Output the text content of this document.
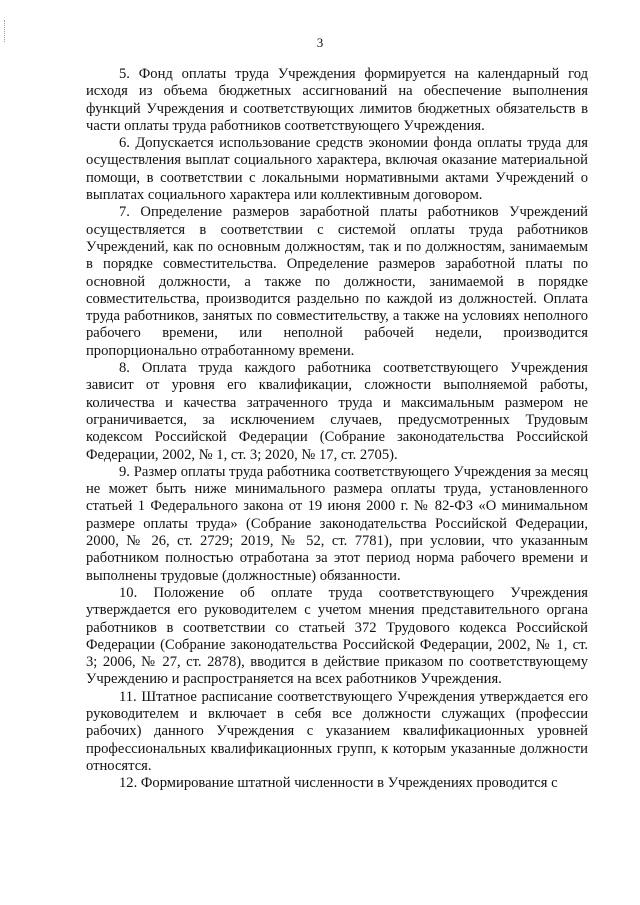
3

5. Фонд оплаты труда Учреждения формируется на календарный год исходя из объема бюджетных ассигнований на обеспечение выполнения функций Учреждения и соответствующих лимитов бюджетных обязательств в части оплаты труда работников соответствующего Учреждения.

6. Допускается использование средств экономии фонда оплаты труда для осуществления выплат социального характера, включая оказание материальной помощи, в соответствии с локальными нормативными актами Учреждений о выплатах социального характера или коллективным договором.

7. Определение размеров заработной платы работников Учреждений осуществляется в соответствии с системой оплаты труда работников Учреждений, как по основным должностям, так и по должностям, занимаемым в порядке совместительства. Определение размеров заработной платы по основной должности, а также по должности, занимаемой в порядке совместительства, производится раздельно по каждой из должностей. Оплата труда работников, занятых по совместительству, а также на условиях неполного рабочего времени, или неполной рабочей недели, производится пропорционально отработанному времени.

8. Оплата труда каждого работника соответствующего Учреждения зависит от уровня его квалификации, сложности выполняемой работы, количества и качества затраченного труда и максимальным размером не ограничивается, за исключением случаев, предусмотренных Трудовым кодексом Российской Федерации (Собрание законодательства Российской Федерации, 2002, № 1, ст. 3; 2020, № 17, ст. 2705).

9. Размер оплаты труда работника соответствующего Учреждения за месяц не может быть ниже минимального размера оплаты труда, установленного статьей 1 Федерального закона от 19 июня 2000 г. № 82-ФЗ «О минимальном размере оплаты труда» (Собрание законодательства Российской Федерации, 2000, № 26, ст. 2729; 2019, № 52, ст. 7781), при условии, что указанным работником полностью отработана за этот период норма рабочего времени и выполнены трудовые (должностные) обязанности.

10. Положение об оплате труда соответствующего Учреждения утверждается его руководителем с учетом мнения представительного органа работников в соответствии со статьей 372 Трудового кодекса Российской Федерации (Собрание законодательства Российской Федерации, 2002, № 1, ст. 3; 2006, № 27, ст. 2878), вводится в действие приказом по соответствующему Учреждению и распространяется на всех работников Учреждения.

11. Штатное расписание соответствующего Учреждения утверждается его руководителем и включает в себя все должности служащих (профессии рабочих) данного Учреждения с указанием квалификационных уровней профессиональных квалификационных групп, к которым указанные должности относятся.

12. Формирование штатной численности в Учреждениях проводится с
